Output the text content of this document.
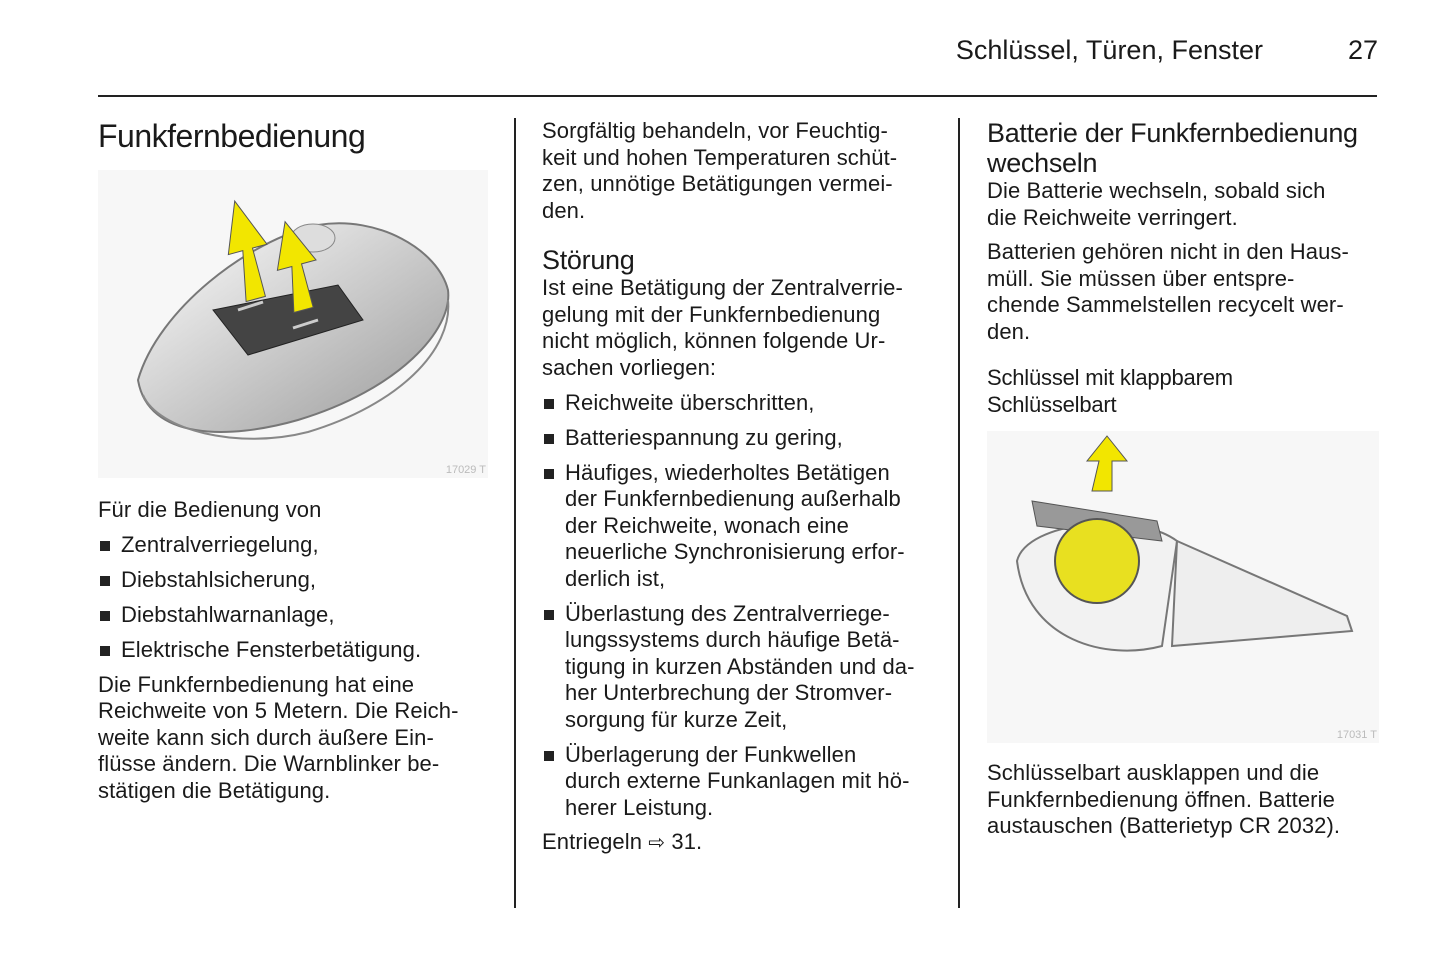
Schlüssel, Türen, Fenster	27
Funkfernbedienung
17029 T
Für die Bedienung von
Zentralverriegelung,
Diebstahlsicherung,
Diebstahlwarnanlage,
Elektrische Fensterbetätigung.
Die Funkfernbedienung hat eine
Reichweite von 5 Metern. Die Reich-
weite kann sich durch äußere Ein-
flüsse ändern. Die Warnblinker be-
stätigen die Betätigung.
Sorgfältig behandeln, vor Feuchtig-
keit und hohen Temperaturen schüt-
zen, unnötige Betätigungen vermei-
den.
Störung
Ist eine Betätigung der Zentralverrie-
gelung mit der Funkfernbedienung
nicht möglich, können folgende Ur-
sachen vorliegen:
Reichweite überschritten,
Batteriespannung zu gering,
Häufiges, wiederholtes Betätigen
der Funkfernbedienung außerhalb
der Reichweite, wonach eine
neuerliche Synchronisierung erfor-
derlich ist,
Überlastung des Zentralverriege-
lungssystems durch häufige Betä-
tigung in kurzen Abständen und da-
her Unterbrechung der Stromver-
sorgung für kurze Zeit,
Überlagerung der Funkwellen
durch externe Funkanlagen mit hö-
herer Leistung.
Entriegeln ⇨ 31.
Batterie der Funkfernbedienung
wechseln
Die Batterie wechseln, sobald sich
die Reichweite verringert.
Batterien gehören nicht in den Haus-
müll. Sie müssen über entspre-
chende Sammelstellen recycelt wer-
den.
Schlüssel mit klappbarem
Schlüsselbart
17031 T
Schlüsselbart ausklappen und die
Funkfernbedienung öffnen. Batterie
austauschen (Batterietyp CR 2032).
